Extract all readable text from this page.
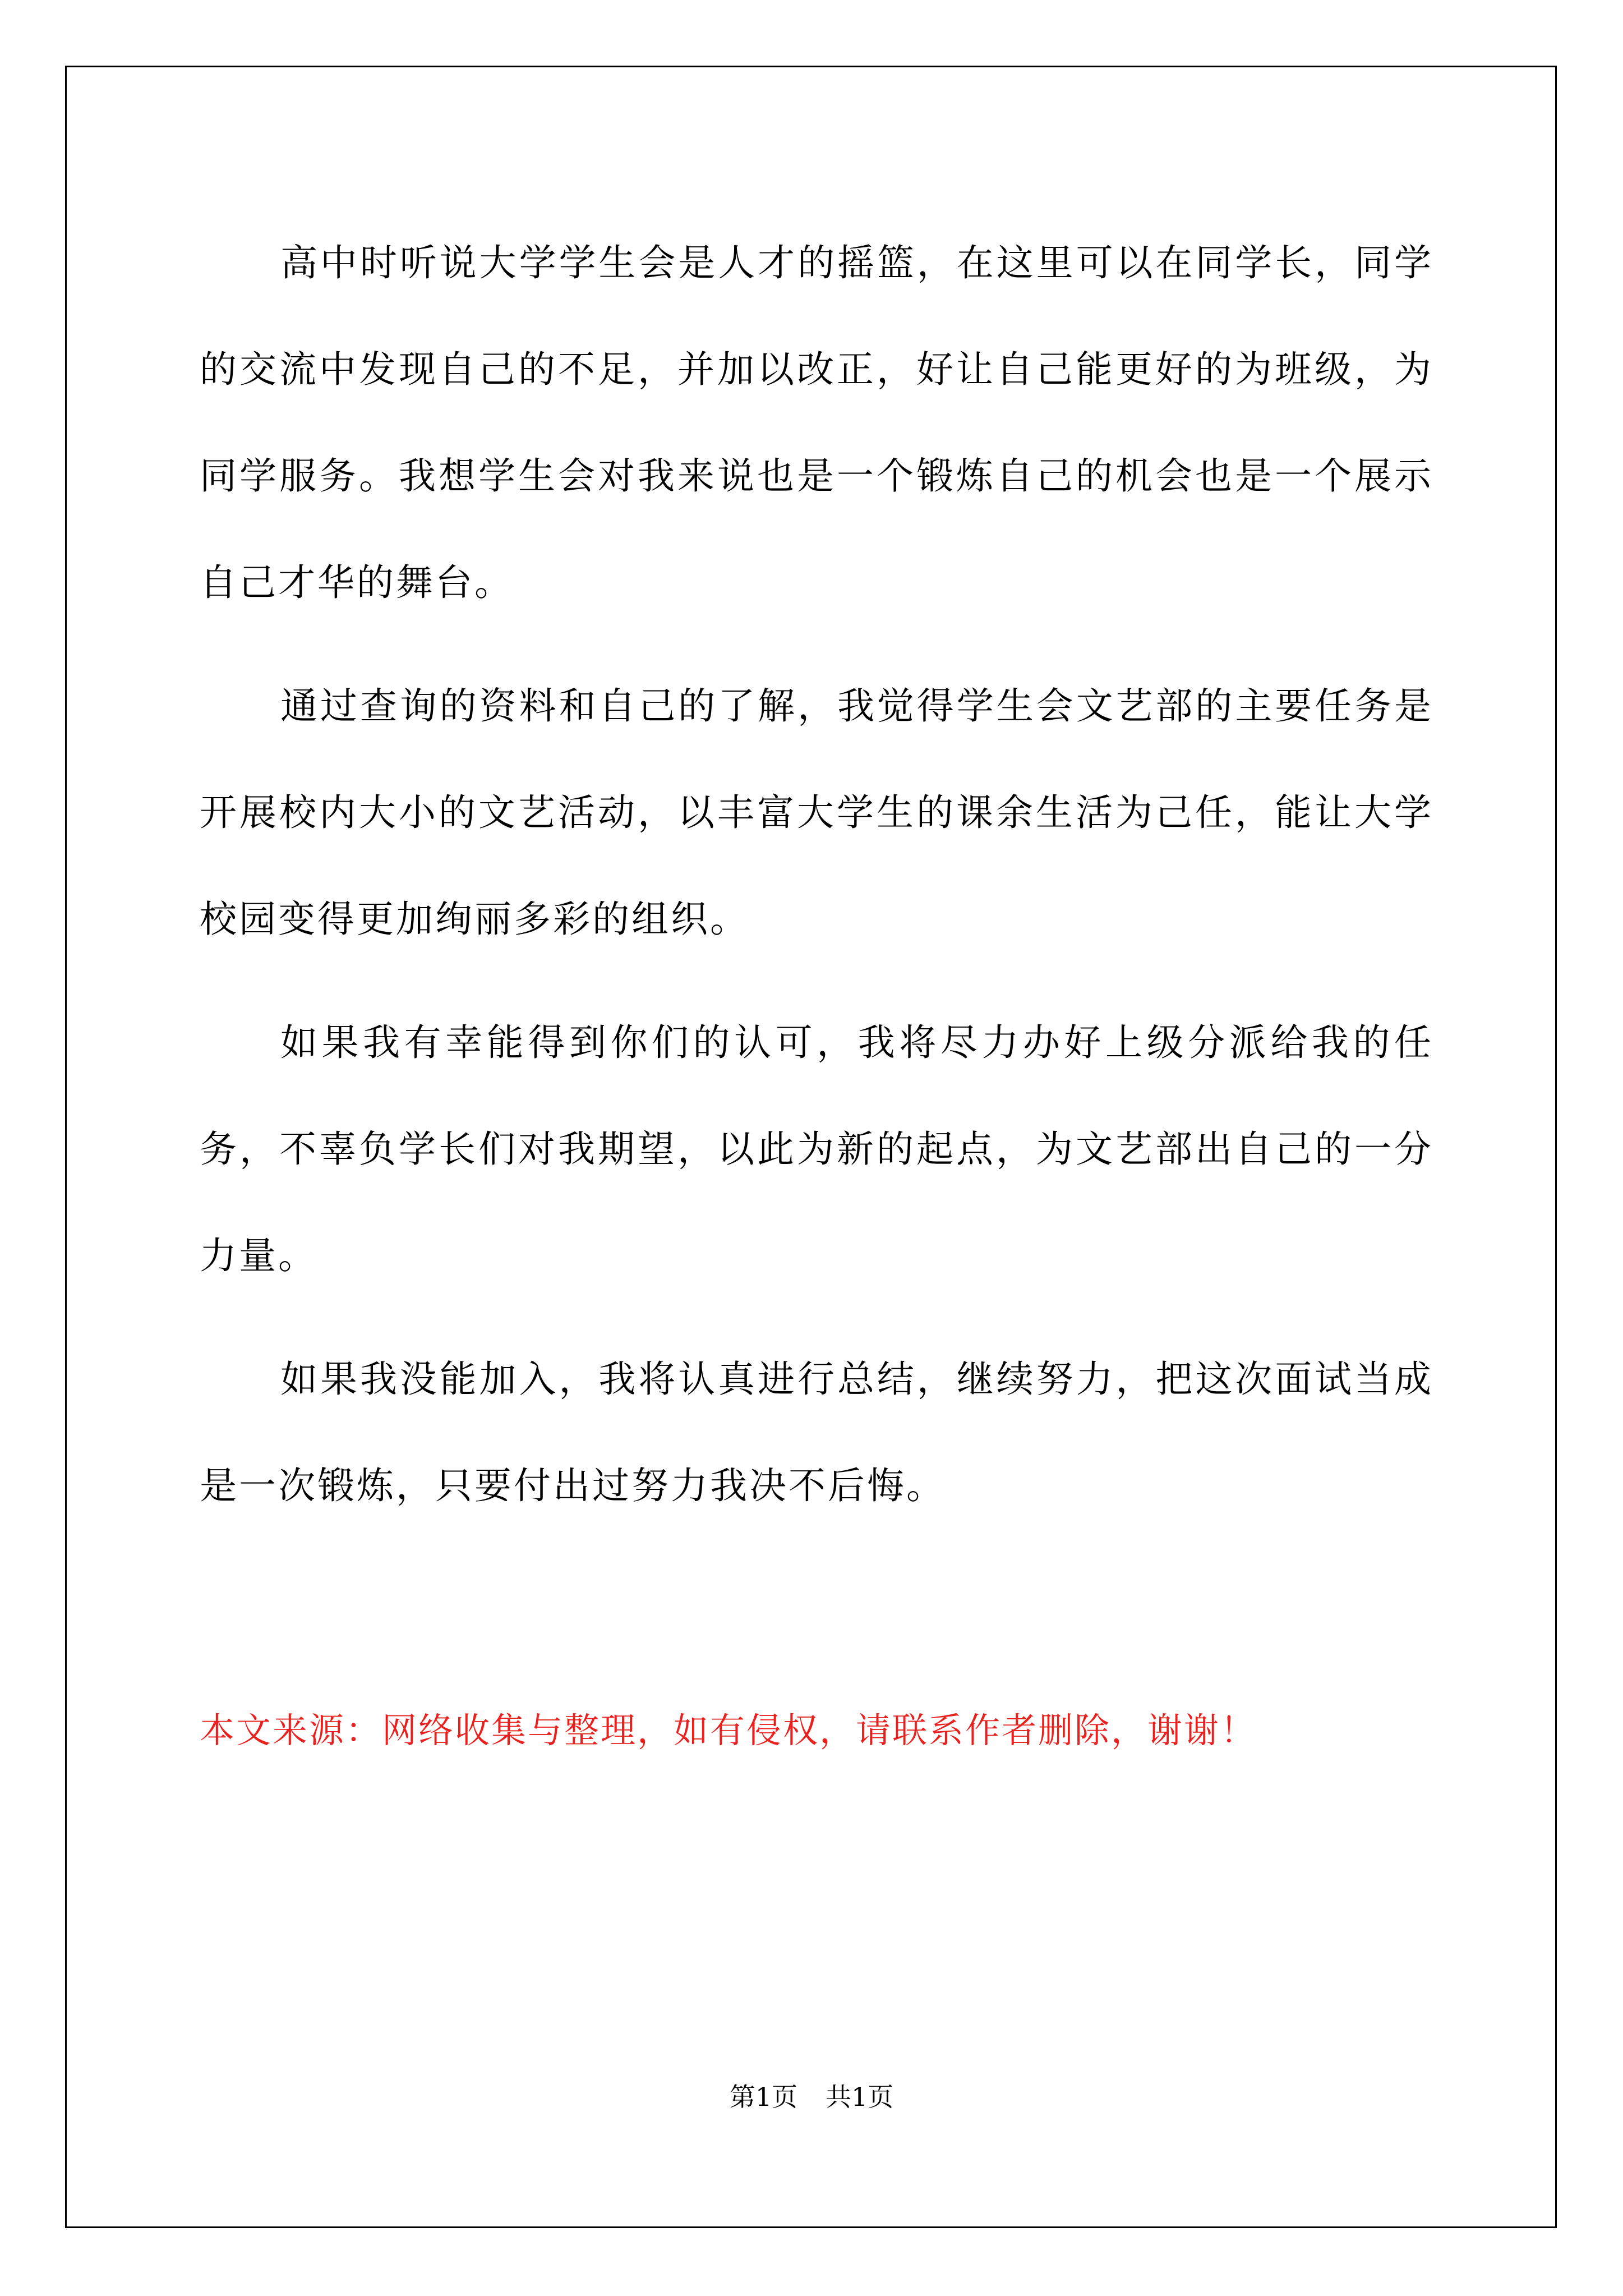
高中时听说大学学生会是人才的摇篮，在这里可以在同学长，同学的交流中发现自己的不足，并加以改正，好让自己能更好的为班级，为同学服务。我想学生会对我来说也是一个锻炼自己的机会也是一个展示自己才华的舞台。

通过查询的资料和自己的了解，我觉得学生会文艺部的主要任务是开展校内大小的文艺活动，以丰富大学生的课余生活为己任，能让大学校园变得更加绚丽多彩的组织。

如果我有幸能得到你们的认可，我将尽力办好上级分派给我的任务，不辜负学长们对我期望，以此为新的起点，为文艺部出自己的一分力量。

如果我没能加入，我将认真进行总结，继续努力，把这次面试当成是一次锻炼，只要付出过努力我决不后悔。

本文来源：网络收集与整理，如有侵权，请联系作者删除，谢谢！

第1页 共1页
